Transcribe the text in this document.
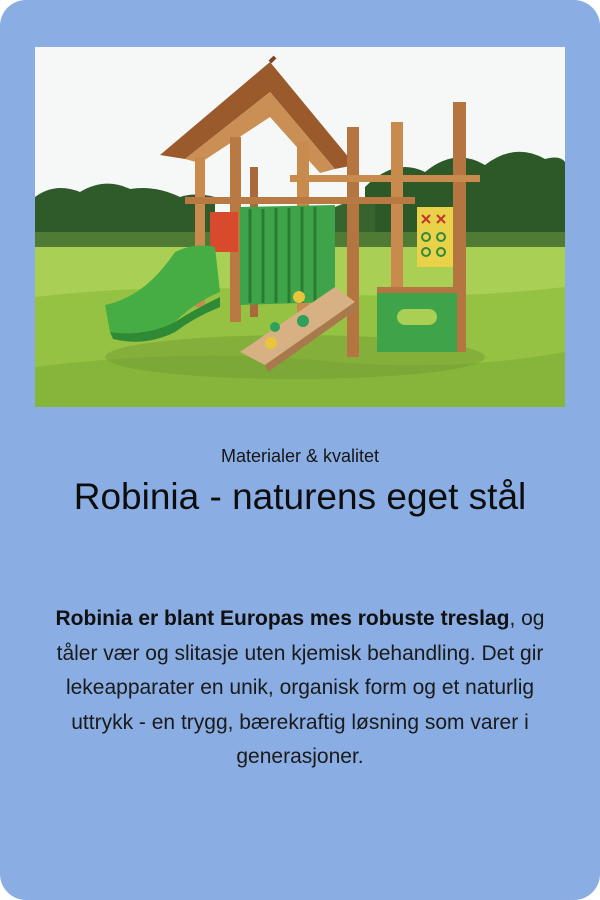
Materialer & kvalitet
Robinia - naturens eget stål

Robinia er blant Europas mes robuste treslag, og tåler vær og slitasje uten kjemisk behandling. Det gir lekeapparater en unik, organisk form og et naturlig uttrykk - en trygg, bærekraftig løsning som varer i generasjoner.
